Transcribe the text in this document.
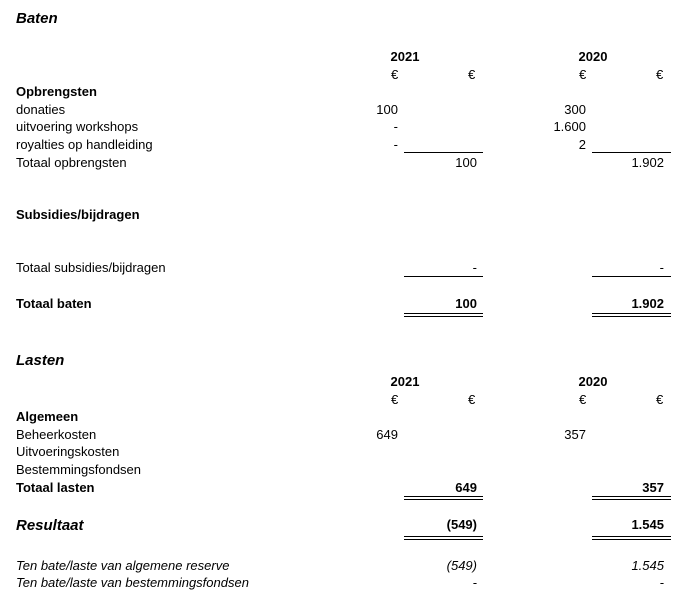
Baten
2021	2020
€	€	€	€
Opbrengsten
donaties	100	300
uitvoering workshops	-	1.600
royalties op handleiding	-	2
Totaal opbrengsten	100	1.902
Subsidies/bijdragen
Totaal subsidies/bijdragen	-	-
Totaal baten	100	1.902
Lasten
2021	2020
€	€	€	€
Algemeen
Beheerkosten	649	357
Uitvoeringskosten
Bestemmingsfondsen
Totaal lasten	649	357
Resultaat	(549)	1.545
Ten bate/laste van algemene reserve	(549)	1.545
Ten bate/laste van bestemmingsfondsen	-	-
